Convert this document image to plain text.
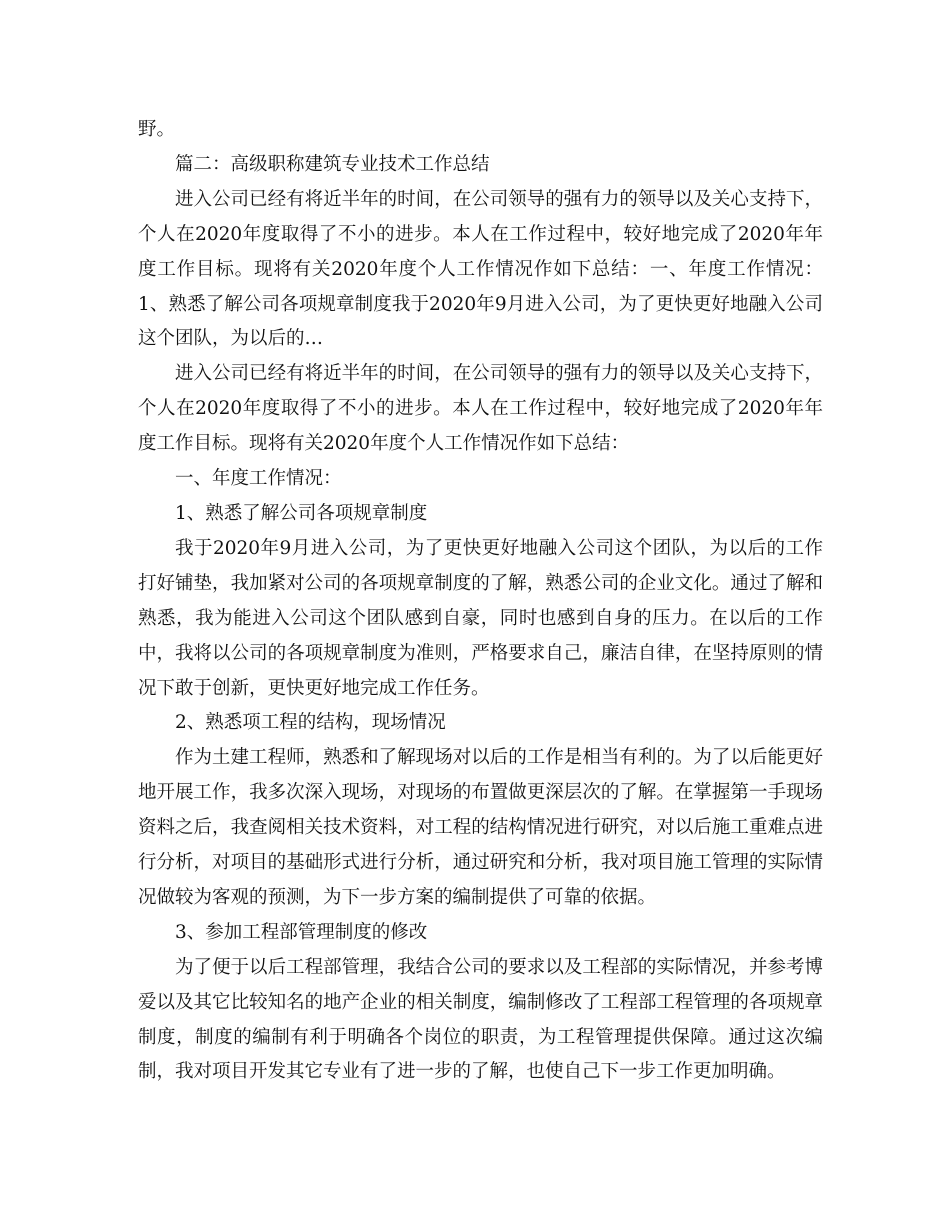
野。

篇二：高级职称建筑专业技术工作总结

进入公司已经有将近半年的时间，在公司领导的强有力的领导以及关心支持下，个人在2020年度取得了不小的进步。本人在工作过程中，较好地完成了2020年年度工作目标。现将有关2020年度个人工作情况作如下总结：一、年度工作情况：1、熟悉了解公司各项规章制度我于2020年9月进入公司，为了更快更好地融入公司这个团队，为以后的…

进入公司已经有将近半年的时间，在公司领导的强有力的领导以及关心支持下，个人在2020年度取得了不小的进步。本人在工作过程中，较好地完成了2020年年度工作目标。现将有关2020年度个人工作情况作如下总结：

一、年度工作情况：

1、熟悉了解公司各项规章制度

我于2020年9月进入公司，为了更快更好地融入公司这个团队，为以后的工作打好铺垫，我加紧对公司的各项规章制度的了解，熟悉公司的企业文化。通过了解和熟悉，我为能进入公司这个团队感到自豪，同时也感到自身的压力。在以后的工作中，我将以公司的各项规章制度为准则，严格要求自己，廉洁自律，在坚持原则的情况下敢于创新，更快更好地完成工作任务。

2、熟悉项工程的结构，现场情况

作为土建工程师，熟悉和了解现场对以后的工作是相当有利的。为了以后能更好地开展工作，我多次深入现场，对现场的布置做更深层次的了解。在掌握第一手现场资料之后，我查阅相关技术资料，对工程的结构情况进行研究，对以后施工重难点进行分析，对项目的基础形式进行分析，通过研究和分析，我对项目施工管理的实际情况做较为客观的预测，为下一步方案的编制提供了可靠的依据。

3、参加工程部管理制度的修改

为了便于以后工程部管理，我结合公司的要求以及工程部的实际情况，并参考博爱以及其它比较知名的地产企业的相关制度，编制修改了工程部工程管理的各项规章制度，制度的编制有利于明确各个岗位的职责，为工程管理提供保障。通过这次编制，我对项目开发其它专业有了进一步的了解，也使自己下一步工作更加明确。
